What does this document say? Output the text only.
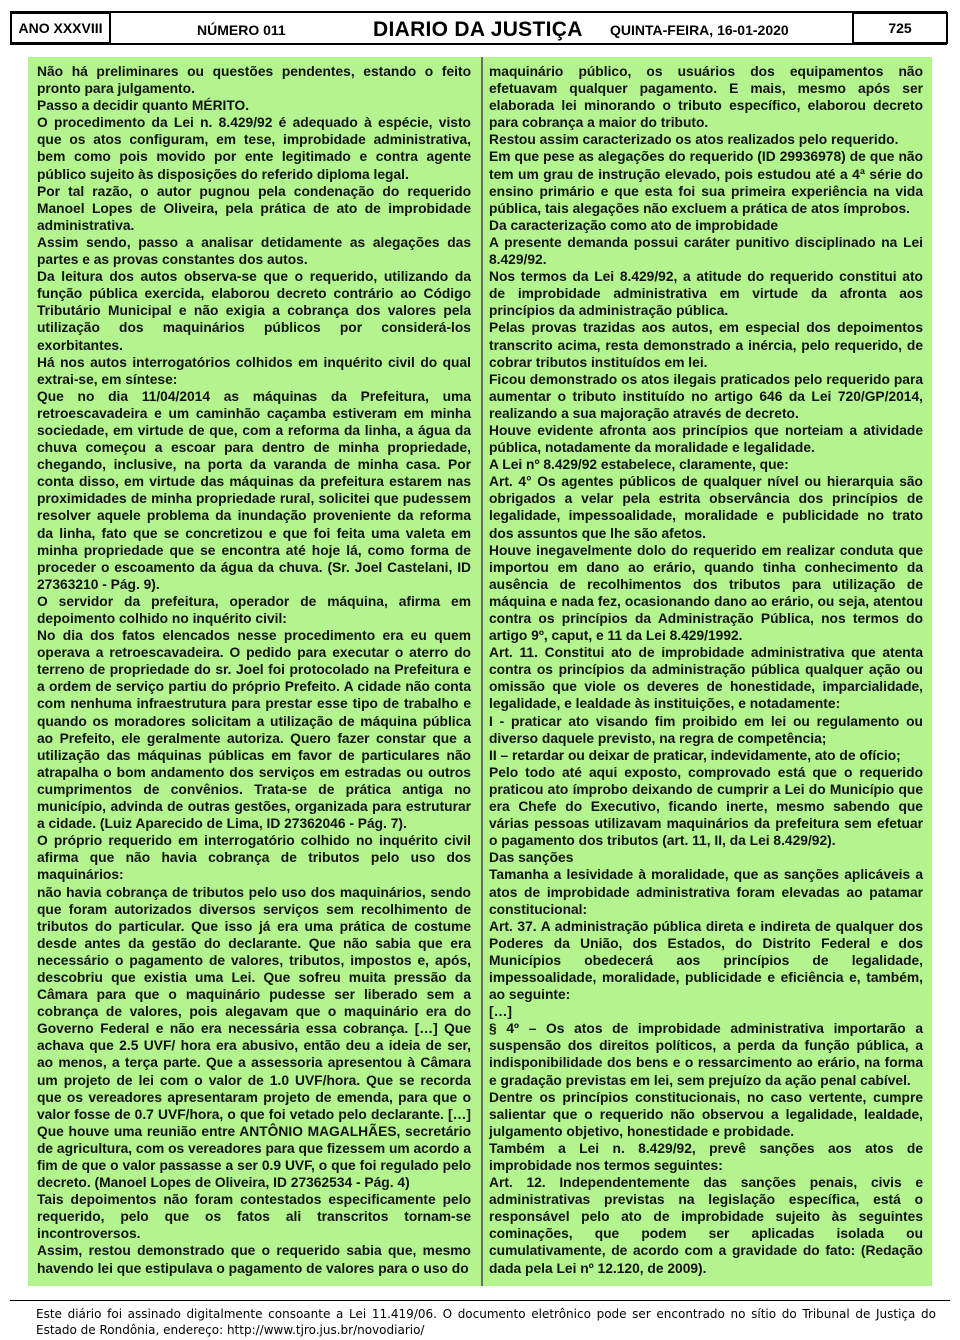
ANO XXXVIII	NÚMERO 011	DIARIO DA JUSTIÇA QUINTA-FEIRA, 16-01-2020	725

Não há preliminares ou questões pendentes, estando o feito pronto para julgamento.

Passo a decidir quanto MÉRITO.

O procedimento da Lei n. 8.429/92 é adequado à espécie, visto que os atos configuram, em tese, improbidade administrativa, bem como pois movido por ente legitimado e contra agente público sujeito às disposições do referido diploma legal.

Por tal razão, o autor pugnou pela condenação do requerido Manoel Lopes de Oliveira, pela prática de ato de improbidade administrativa.

Assim sendo, passo a analisar detidamente as alegações das partes e as provas constantes dos autos.

Da leitura dos autos observa-se que o requerido, utilizando da função pública exercida, elaborou decreto contrário ao Código Tributário Municipal e não exigia a cobrança dos valores pela utilização dos maquinários públicos por considerá-los exorbitantes.

Há nos autos interrogatórios colhidos em inquérito civil do qual extrai-se, em síntese:

Que no dia 11/04/2014 as máquinas da Prefeitura, uma retroescavadeira e um caminhão caçamba estiveram em minha sociedade, em virtude de que, com a reforma da linha, a água da chuva começou a escoar para dentro de minha propriedade, chegando, inclusive, na porta da varanda de minha casa. Por conta disso, em virtude das máquinas da prefeitura estarem nas proximidades de minha propriedade rural, solicitei que pudessem resolver aquele problema da inundação proveniente da reforma da linha, fato que se concretizou e que foi feita uma valeta em minha propriedade que se encontra até hoje lá, como forma de proceder o escoamento da água da chuva. (Sr. Joel Castelani, ID 27363210 - Pág. 9).

O servidor da prefeitura, operador de máquina, afirma em depoimento colhido no inquérito civil:

No dia dos fatos elencados nesse procedimento era eu quem operava a retroescavadeira. O pedido para executar o aterro do terreno de propriedade do sr. Joel foi protocolado na Prefeitura e a ordem de serviço partiu do próprio Prefeito. A cidade não conta com nenhuma infraestrutura para prestar esse tipo de trabalho e quando os moradores solicitam a utilização de máquina pública ao Prefeito, ele geralmente autoriza. Quero fazer constar que a utilização das máquinas públicas em favor de particulares não atrapalha o bom andamento dos serviços em estradas ou outros cumprimentos de convênios. Trata-se de prática antiga no município, advinda de outras gestões, organizada para estruturar a cidade. (Luiz Aparecido de Lima, ID 27362046 - Pág. 7).

O próprio requerido em interrogatório colhido no inquérito civil afirma que não havia cobrança de tributos pelo uso dos maquinários:

não havia cobrança de tributos pelo uso dos maquinários, sendo que foram autorizados diversos serviços sem recolhimento de tributos do particular. Que isso já era uma prática de costume desde antes da gestão do declarante. Que não sabia que era necessário o pagamento de valores, tributos, impostos e, após, descobriu que existia uma Lei. Que sofreu muita pressão da Câmara para que o maquinário pudesse ser liberado sem a cobrança de valores, pois alegavam que o maquinário era do Governo Federal e não era necessária essa cobrança. […] Que achava que 2.5 UVF/ hora era abusivo, então deu a ideia de ser, ao menos, a terça parte. Que a assessoria apresentou à Câmara um projeto de lei com o valor de 1.0 UVF/hora. Que se recorda que os vereadores apresentaram projeto de emenda, para que o valor fosse de 0.7 UVF/hora, o que foi vetado pelo declarante. […] Que houve uma reunião entre ANTÔNIO MAGALHÃES, secretário de agricultura, com os vereadores para que fizessem um acordo a fim de que o valor passasse a ser 0.9 UVF, o que foi regulado pelo decreto. (Manoel Lopes de Oliveira, ID 27362534 - Pág. 4)

Tais depoimentos não foram contestados especificamente pelo requerido, pelo que os fatos ali transcritos tornam-se incontroversos.

Assim, restou demonstrado que o requerido sabia que, mesmo havendo lei que estipulava o pagamento de valores para o uso do

maquinário público, os usuários dos equipamentos não efetuavam qualquer pagamento. E mais, mesmo após ser elaborada lei minorando o tributo específico, elaborou decreto para cobrança a maior do tributo.

Restou assim caracterizado os atos realizados pelo requerido.

Em que pese as alegações do requerido (ID 29936978) de que não tem um grau de instrução elevado, pois estudou até a 4ª série do ensino primário e que esta foi sua primeira experiência na vida pública, tais alegações não excluem a prática de atos ímprobos.

Da caracterização como ato de improbidade

A presente demanda possui caráter punitivo disciplinado na Lei 8.429/92.

Nos termos da Lei 8.429/92, a atitude do requerido constitui ato de improbidade administrativa em virtude da afronta aos princípios da administração pública.

Pelas provas trazidas aos autos, em especial dos depoimentos transcrito acima, resta demonstrado a inércia, pelo requerido, de cobrar tributos instituídos em lei.

Ficou demonstrado os atos ilegais praticados pelo requerido para aumentar o tributo instituído no artigo 646 da Lei 720/GP/2014, realizando a sua majoração através de decreto.

Houve evidente afronta aos princípios que norteiam a atividade pública, notadamente da moralidade e legalidade.

A Lei nº 8.429/92 estabelece, claramente, que:

Art. 4° Os agentes públicos de qualquer nível ou hierarquia são obrigados a velar pela estrita observância dos princípios de legalidade, impessoalidade, moralidade e publicidade no trato dos assuntos que lhe são afetos.

Houve inegavelmente dolo do requerido em realizar conduta que importou em dano ao erário, quando tinha conhecimento da ausência de recolhimentos dos tributos para utilização de máquina e nada fez, ocasionando dano ao erário, ou seja, atentou contra os princípios da Administração Pública, nos termos do artigo 9º, caput, e 11 da Lei 8.429/1992.

Art. 11. Constitui ato de improbidade administrativa que atenta contra os princípios da administração pública qualquer ação ou omissão que viole os deveres de honestidade, imparcialidade, legalidade, e lealdade às instituições, e notadamente:

I - praticar ato visando fim proibido em lei ou regulamento ou diverso daquele previsto, na regra de competência;

II – retardar ou deixar de praticar, indevidamente, ato de ofício;

Pelo todo até aqui exposto, comprovado está que o requerido praticou ato ímprobo deixando de cumprir a Lei do Município que era Chefe do Executivo, ficando inerte, mesmo sabendo que várias pessoas utilizavam maquinários da prefeitura sem efetuar o pagamento dos tributos (art. 11, II, da Lei 8.429/92).

Das sanções

Tamanha a lesividade à moralidade, que as sanções aplicáveis a atos de improbidade administrativa foram elevadas ao patamar constitucional:

Art. 37. A administração pública direta e indireta de qualquer dos Poderes da União, dos Estados, do Distrito Federal e dos Municípios obedecerá aos princípios de legalidade, impessoalidade, moralidade, publicidade e eficiência e, também, ao seguinte:

[…]

§ 4º – Os atos de improbidade administrativa importarão a suspensão dos direitos políticos, a perda da função pública, a indisponibilidade dos bens e o ressarcimento ao erário, na forma e gradação previstas em lei, sem prejuízo da ação penal cabível.

Dentre os princípios constitucionais, no caso vertente, cumpre salientar que o requerido não observou a legalidade, lealdade, julgamento objetivo, honestidade e probidade.

Também a Lei n. 8.429/92, prevê sanções aos atos de improbidade nos termos seguintes:

Art. 12. Independentemente das sanções penais, civis e administrativas previstas na legislação específica, está o responsável pelo ato de improbidade sujeito às seguintes cominações, que podem ser aplicadas isolada ou cumulativamente, de acordo com a gravidade do fato: (Redação dada pela Lei nº 12.120, de 2009).

Este diário foi assinado digitalmente consoante a Lei 11.419/06. O documento eletrônico pode ser encontrado no sítio do Tribunal de Justiça do Estado de Rondônia, endereço: http://www.tjro.jus.br/novodiario/
